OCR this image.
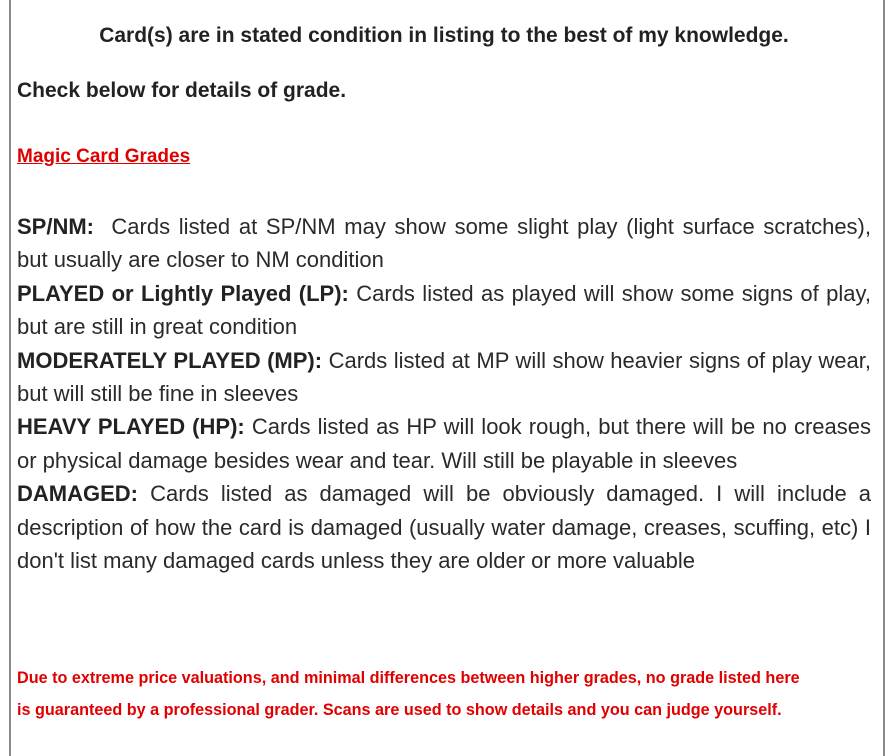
Card(s) are in stated condition in listing to the best of my knowledge.
Check below for details of grade.
Magic Card Grades

SP/NM: Cards listed at SP/NM may show some slight play (light surface scratches), but usually are closer to NM condition

PLAYED or Lightly Played (LP): Cards listed as played will show some signs of play, but are still in great condition

MODERATELY PLAYED (MP): Cards listed at MP will show heavier signs of play wear, but will still be fine in sleeves

HEAVY PLAYED (HP): Cards listed as HP will look rough, but there will be no creases or physical damage besides wear and tear. Will still be playable in sleeves

DAMAGED: Cards listed as damaged will be obviously damaged. I will include a description of how the card is damaged (usually water damage, creases, scuffing, etc) I don't list many damaged cards unless they are older or more valuable

Due to extreme price valuations, and minimal differences between higher grades, no grade listed here
is guaranteed by a professional grader. Scans are used to show details and you can judge yourself.
